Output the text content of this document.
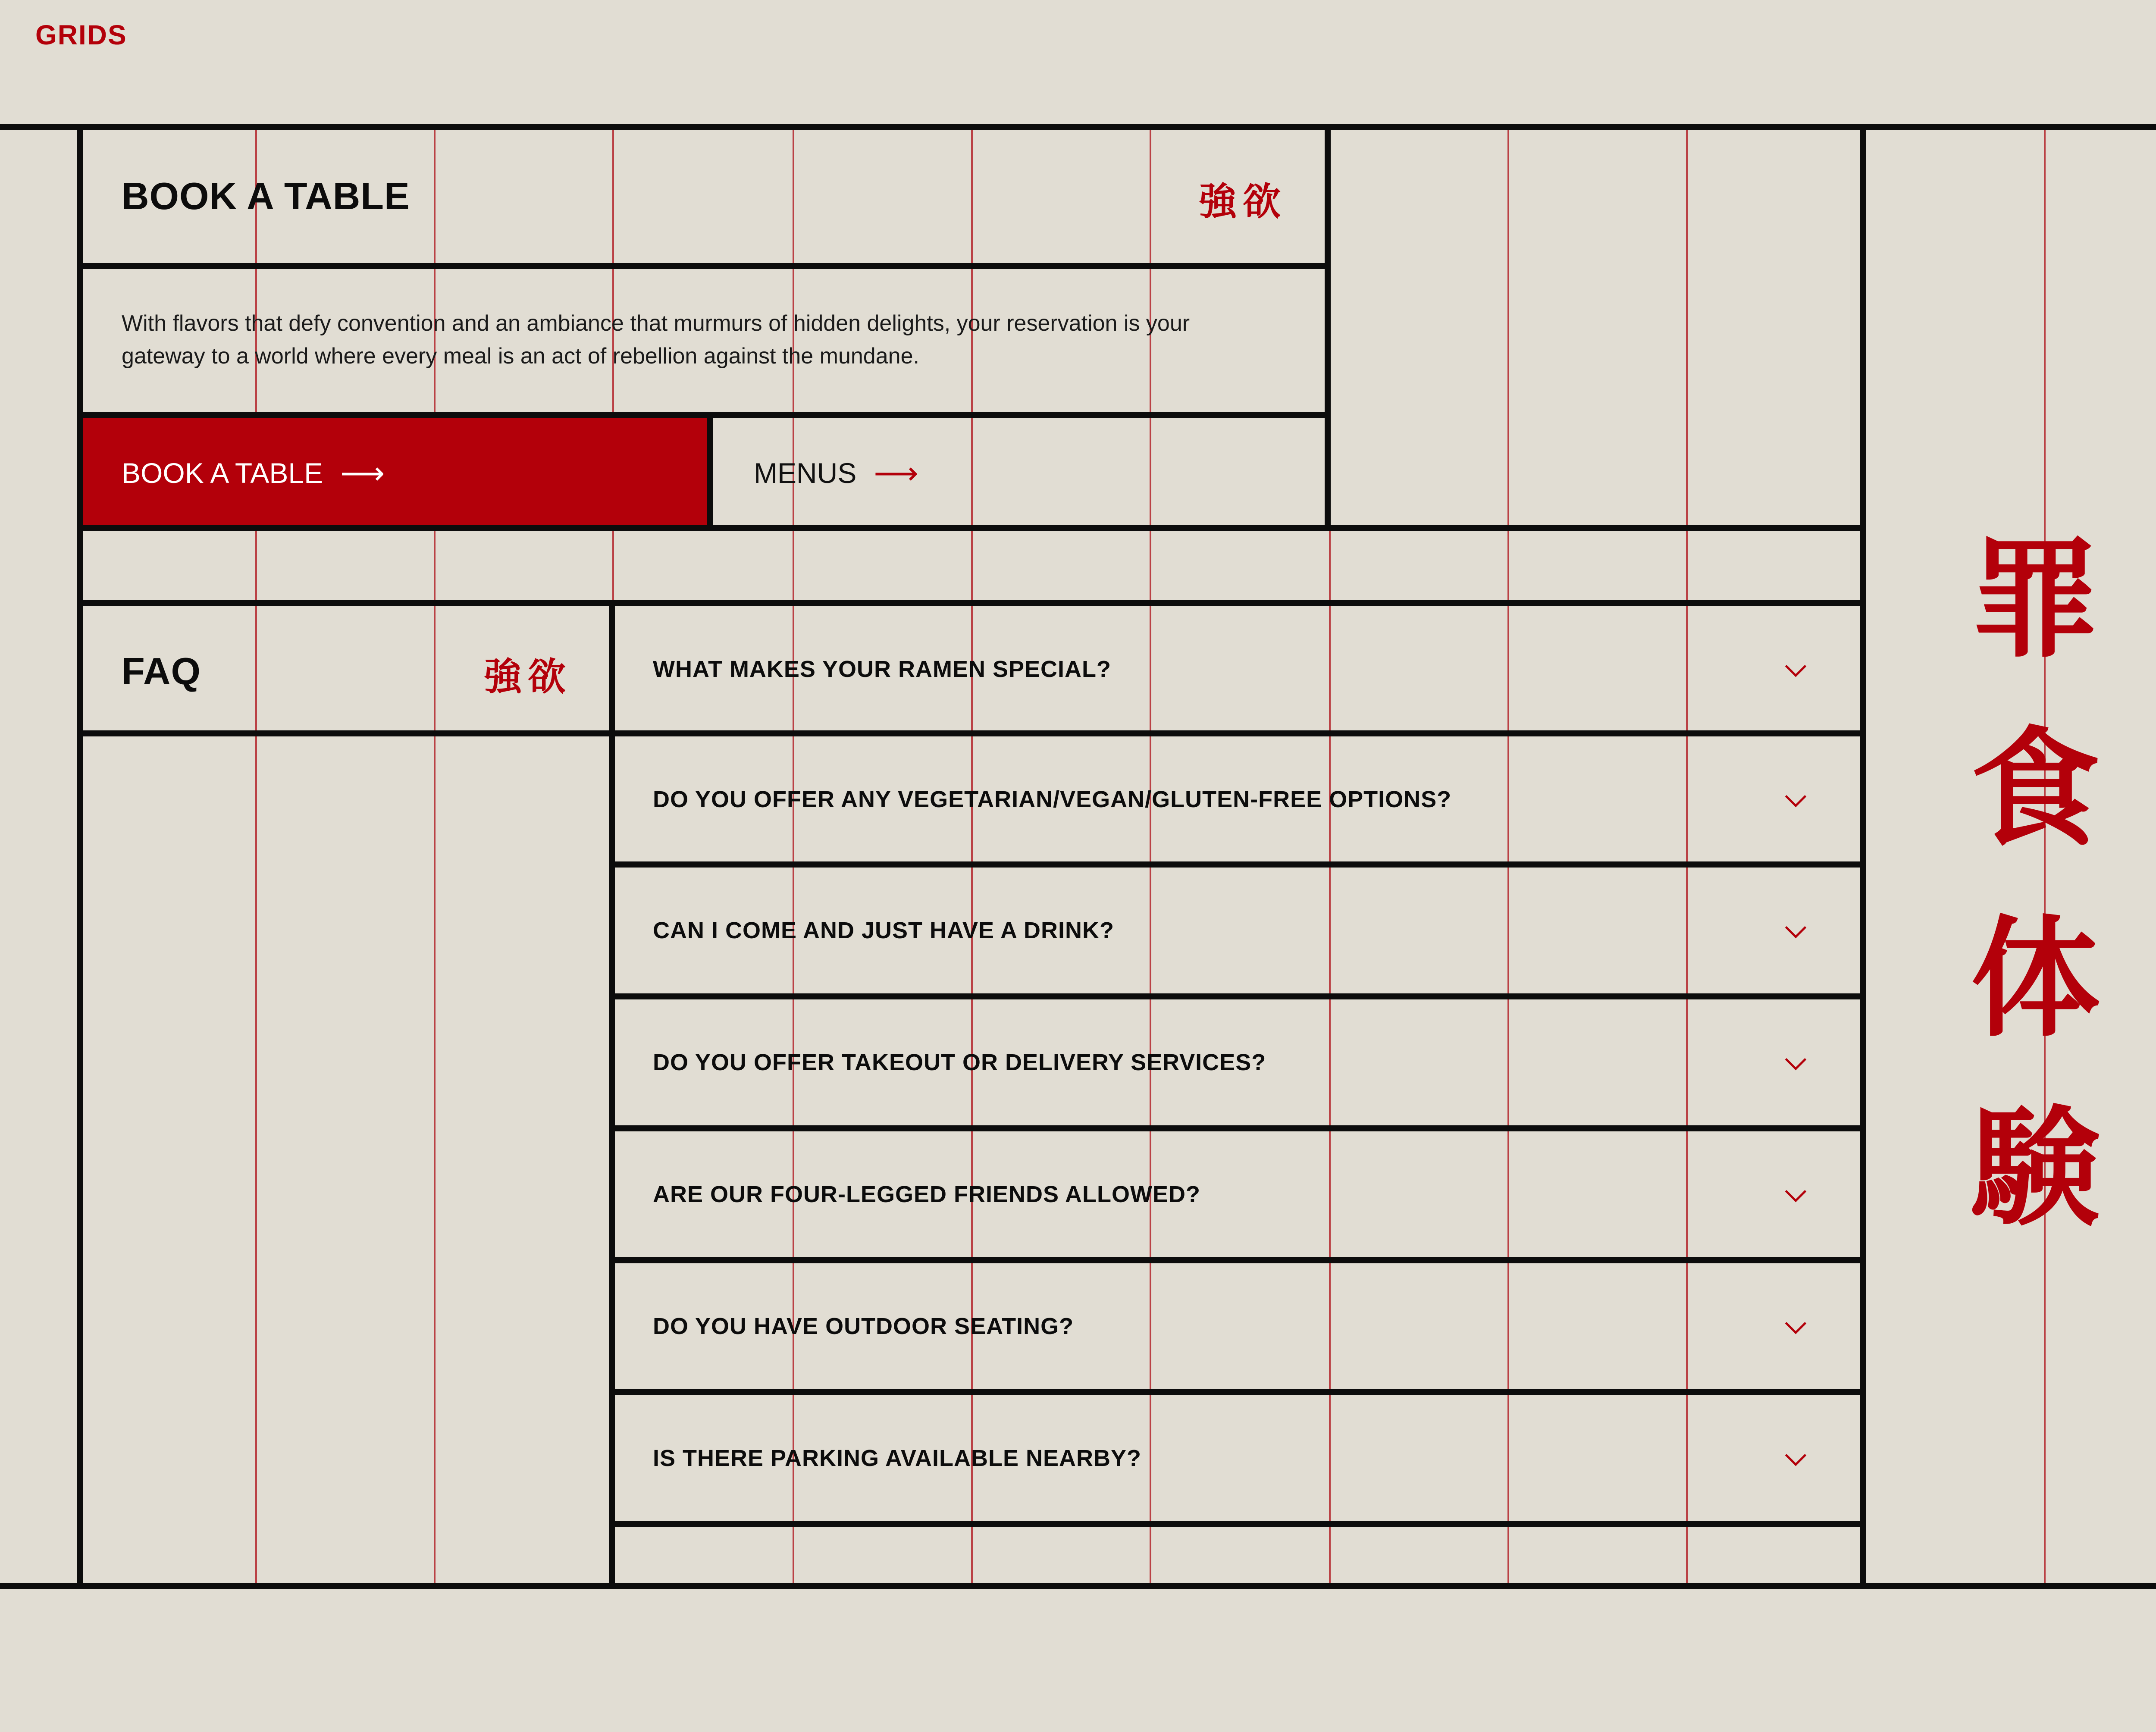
BOOK A TABLE ⟶	MENUS ⟶
GRIDS
BOOK A TABLE	強欲
With flavors that defy convention and an ambiance that murmurs of hidden delights, your reservation is your gateway to a world where every meal is an act of rebellion against the mundane.
FAQ	強欲	WHAT MAKES YOUR RAMEN SPECIAL?
DO YOU OFFER ANY VEGETARIAN/VEGAN/GLUTEN-FREE OPTIONS?
CAN I COME AND JUST HAVE A DRINK?
DO YOU OFFER TAKEOUT OR DELIVERY SERVICES?
ARE OUR FOUR-LEGGED FRIENDS ALLOWED?
DO YOU HAVE OUTDOOR SEATING?
IS THERE PARKING AVAILABLE NEARBY?
罪
食
体
験
